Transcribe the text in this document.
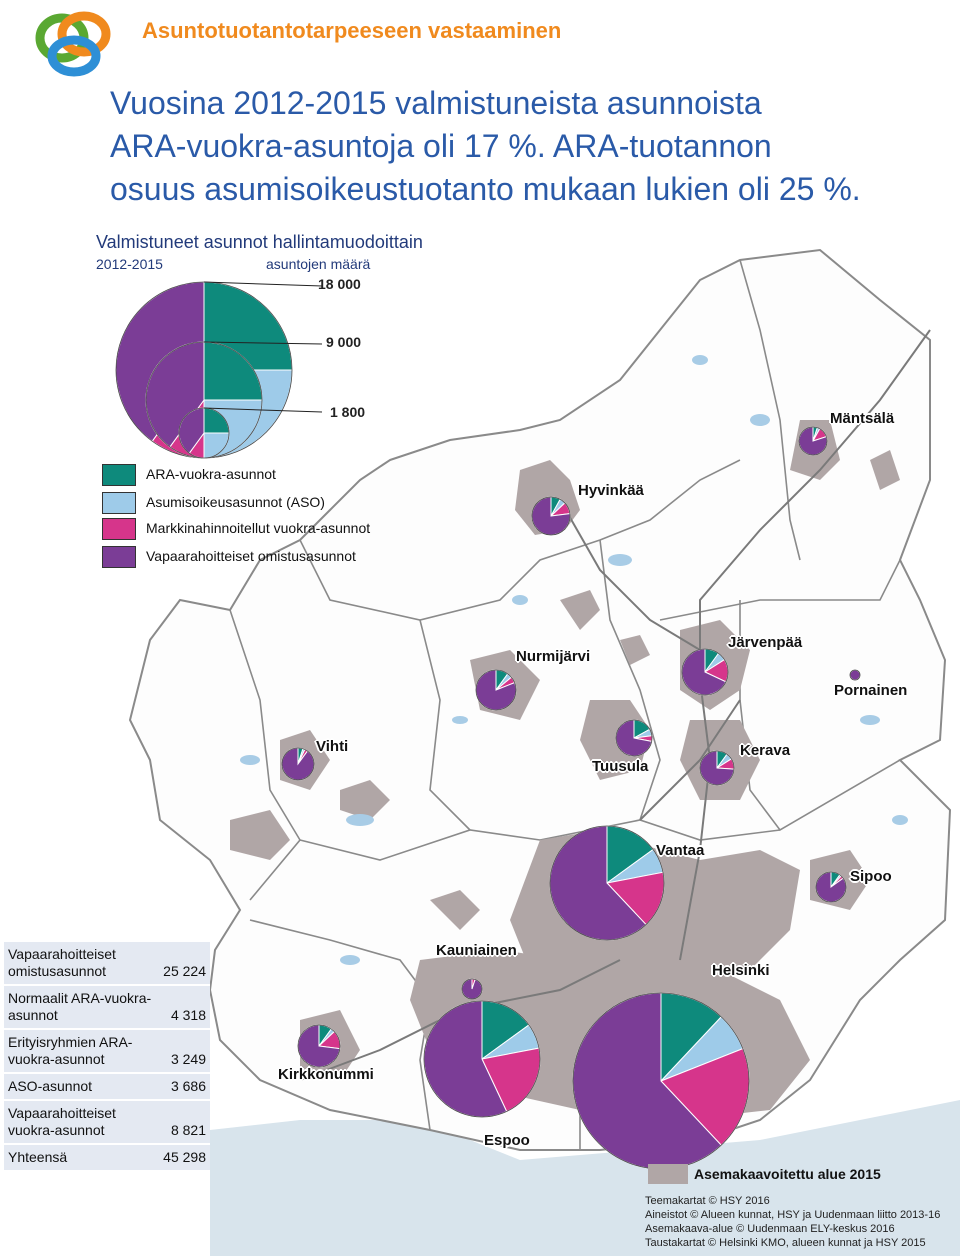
Asuntotuotantotarpeeseen vastaaminen
Vuosina 2012-2015 valmistuneista asunnoista
ARA-vuokra-asuntoja oli 17 %. ARA-tuotannon
osuus asumisoikeustuotanto mukaan lukien oli 25 %.
Valmistuneet asunnot hallintamuodoittain
2012-2015	asuntojen määrä
18 000
9 000
1 800
ARA-vuokra-asunnot
Asumisoikeusasunnot (ASO)
Markkinahinnoitellut vuokra-asunnot
Vapaarahoitteiset omistusasunnot
Mäntsälä
Hyvinkää
Nurmijärvi
Järvenpää
Pornainen
Vihti
Tuusula
Kerava
Vantaa
Sipoo
Kauniainen
Helsinki
Kirkkonummi
Espoo
Vapaarahoitteiset omistusasunnot	25 224
Normaalit ARA-vuokra-asunnot	4 318
Erityisryhmien ARA-vuokra-asunnot	3 249
ASO-asunnot	3 686
Vapaarahoitteiset vuokra-asunnot	8 821
Yhteensä	45 298
Asemakaavoitettu alue 2015
Teemakartat © HSY 2016
Aineistot © Alueen kunnat, HSY ja Uudenmaan liitto 2013-16
Asemakaava-alue © Uudenmaan ELY-keskus 2016
Taustakartat © Helsinki KMO, alueen kunnat ja HSY 2015
